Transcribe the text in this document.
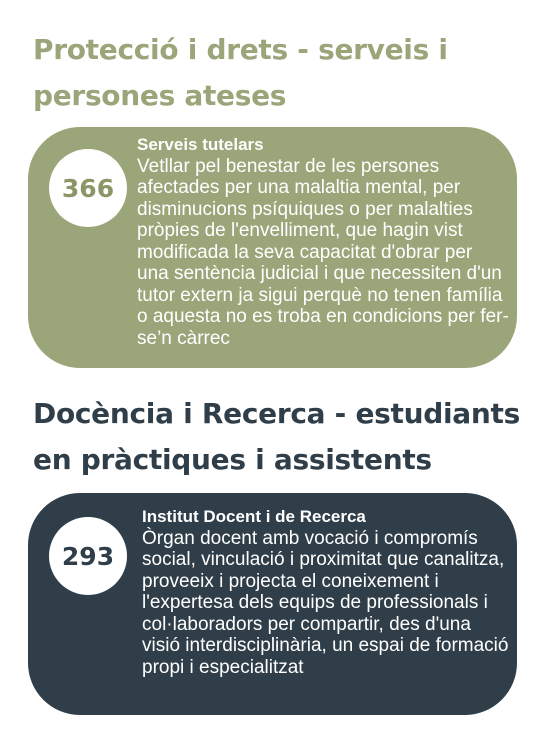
Protecció i drets - serveis i persones ateses
366
Serveis tutelars
Vetllar pel benestar de les persones afectades per una malaltia mental, per disminucions psíquiques o per malalties pròpies de l'envelliment, que hagin vist modificada la seva capacitat d'obrar per una sentència judicial i que necessiten d'un tutor extern ja sigui perquè no tenen família o aquesta no es troba en condicions per fer-se’n càrrec
Docència i Recerca - estudiants en pràctiques i assistents
293
Institut Docent i de Recerca
Òrgan docent amb vocació i compromís social, vinculació i proximitat que canalitza, proveeix i projecta el coneixement i l'expertesa dels equips de professionals i col·laboradors per compartir, des d'una visió interdisciplinària, un espai de formació propi i especialitzat
